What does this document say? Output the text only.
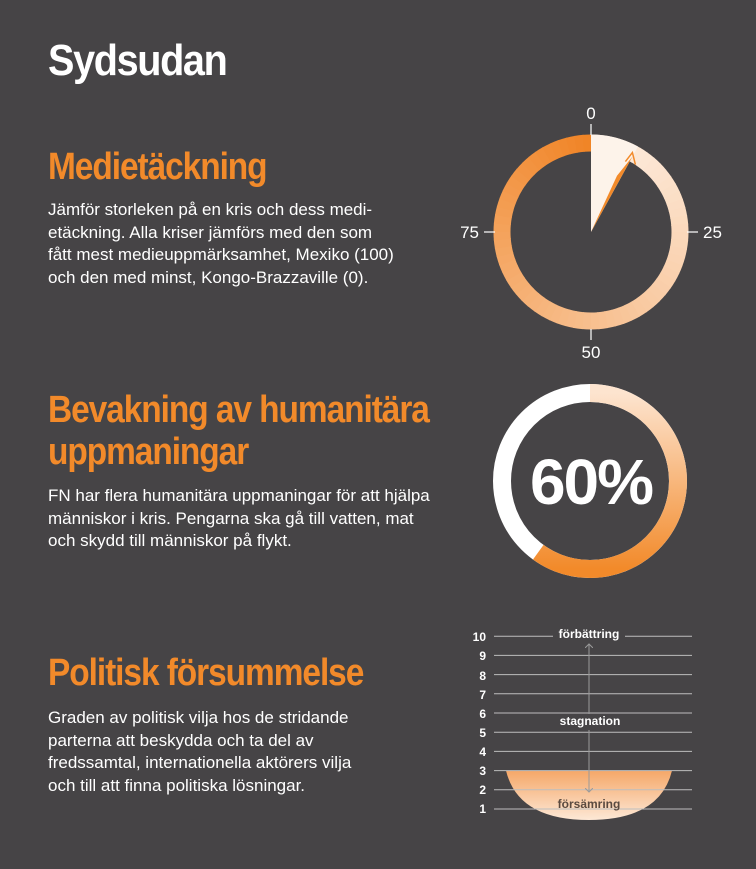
Sydsudan
Medietäckning

Jämför storleken på en kris och dess medi-
etäckning. Alla kriser jämförs med den som
fått mest medieuppmärksamhet, Mexiko (100)
och den med minst, Kongo-Brazzaville (0).

0
25
50
75
Bevakning av humanitära
uppmaningar

FN har flera humanitära uppmaningar för att hjälpa
människor i kris. Pengarna ska gå till vatten, mat
och skydd till människor på flykt.

60%
Politisk försummelse

Graden av politisk vilja hos de stridande
parterna att beskydda och ta del av
fredssamtal, internationella aktörers vilja
och till att finna politiska lösningar.

10
9
8
7
6
5
4
3
2
1
förbättring
stagnation
försämring
